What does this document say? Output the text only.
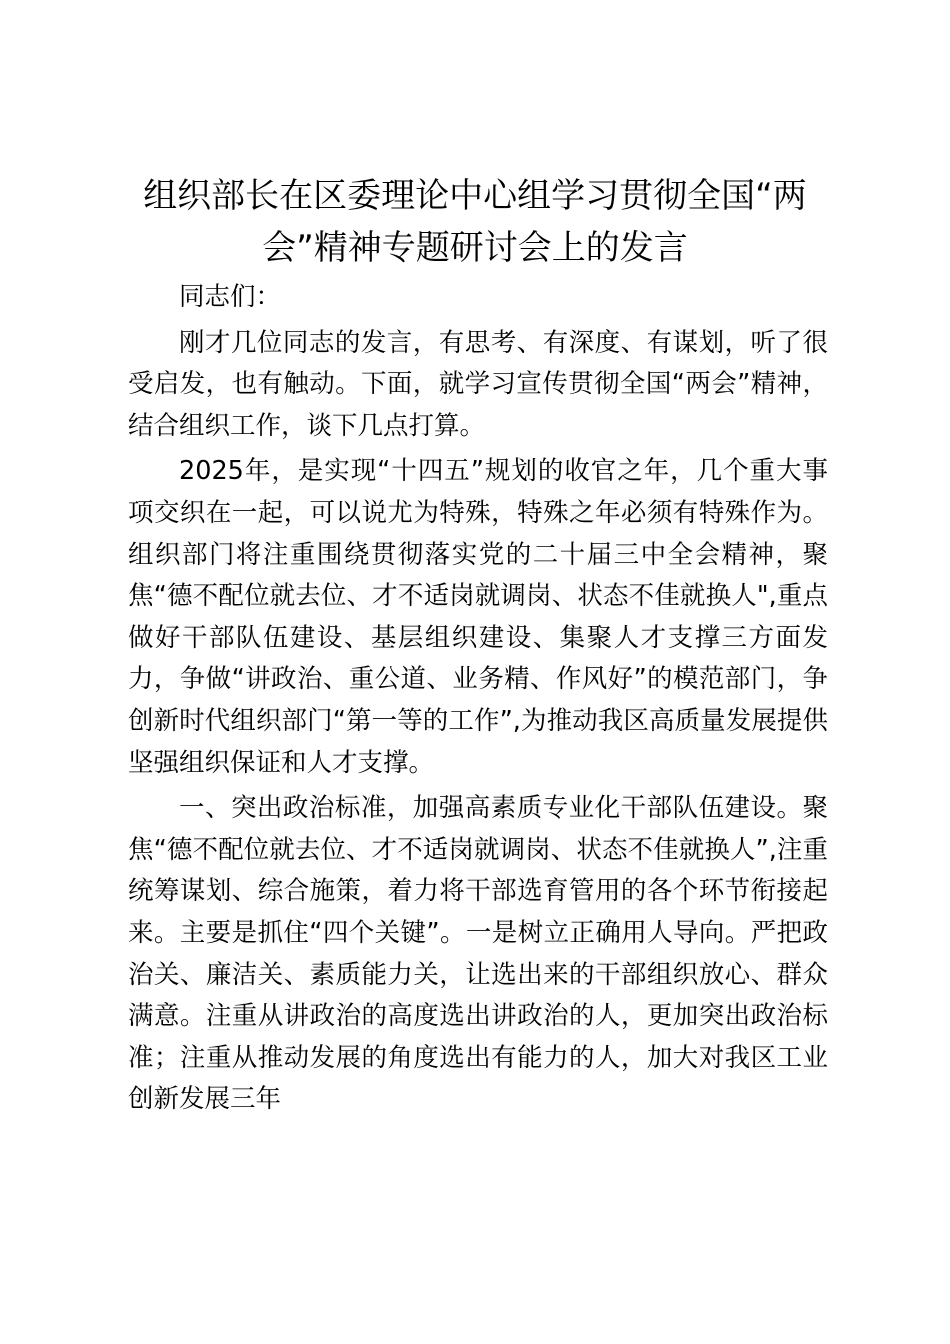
组织部长在区委理论中心组学习贯彻全国“两会”精神专题研讨会上的发言

同志们：

刚才几位同志的发言，有思考、有深度、有谋划，听了很受启发，也有触动。下面，就学习宣传贯彻全国“两会”精神，结合组织工作，谈下几点打算。

2025年，是实现“十四五”规划的收官之年，几个重大事项交织在一起，可以说尤为特殊，特殊之年必须有特殊作为。组织部门将注重围绕贯彻落实党的二十届三中全会精神，聚焦“德不配位就去位、才不适岗就调岗、状态不佳就换人",重点做好干部队伍建设、基层组织建设、集聚人才支撑三方面发力，争做“讲政治、重公道、业务精、作风好”的模范部门，争创新时代组织部门“第一等的工作”,为推动我区高质量发展提供坚强组织保证和人才支撑。

一、突出政治标准，加强高素质专业化干部队伍建设。聚焦“德不配位就去位、才不适岗就调岗、状态不佳就换人”,注重统筹谋划、综合施策，着力将干部选育管用的各个环节衔接起来。主要是抓住“四个关键”。一是树立正确用人导向。严把政治关、廉洁关、素质能力关，让选出来的干部组织放心、群众满意。注重从讲政治的高度选出讲政治的人，更加突出政治标准；注重从推动发展的角度选出有能力的人，加大对我区工业创新发展三年
